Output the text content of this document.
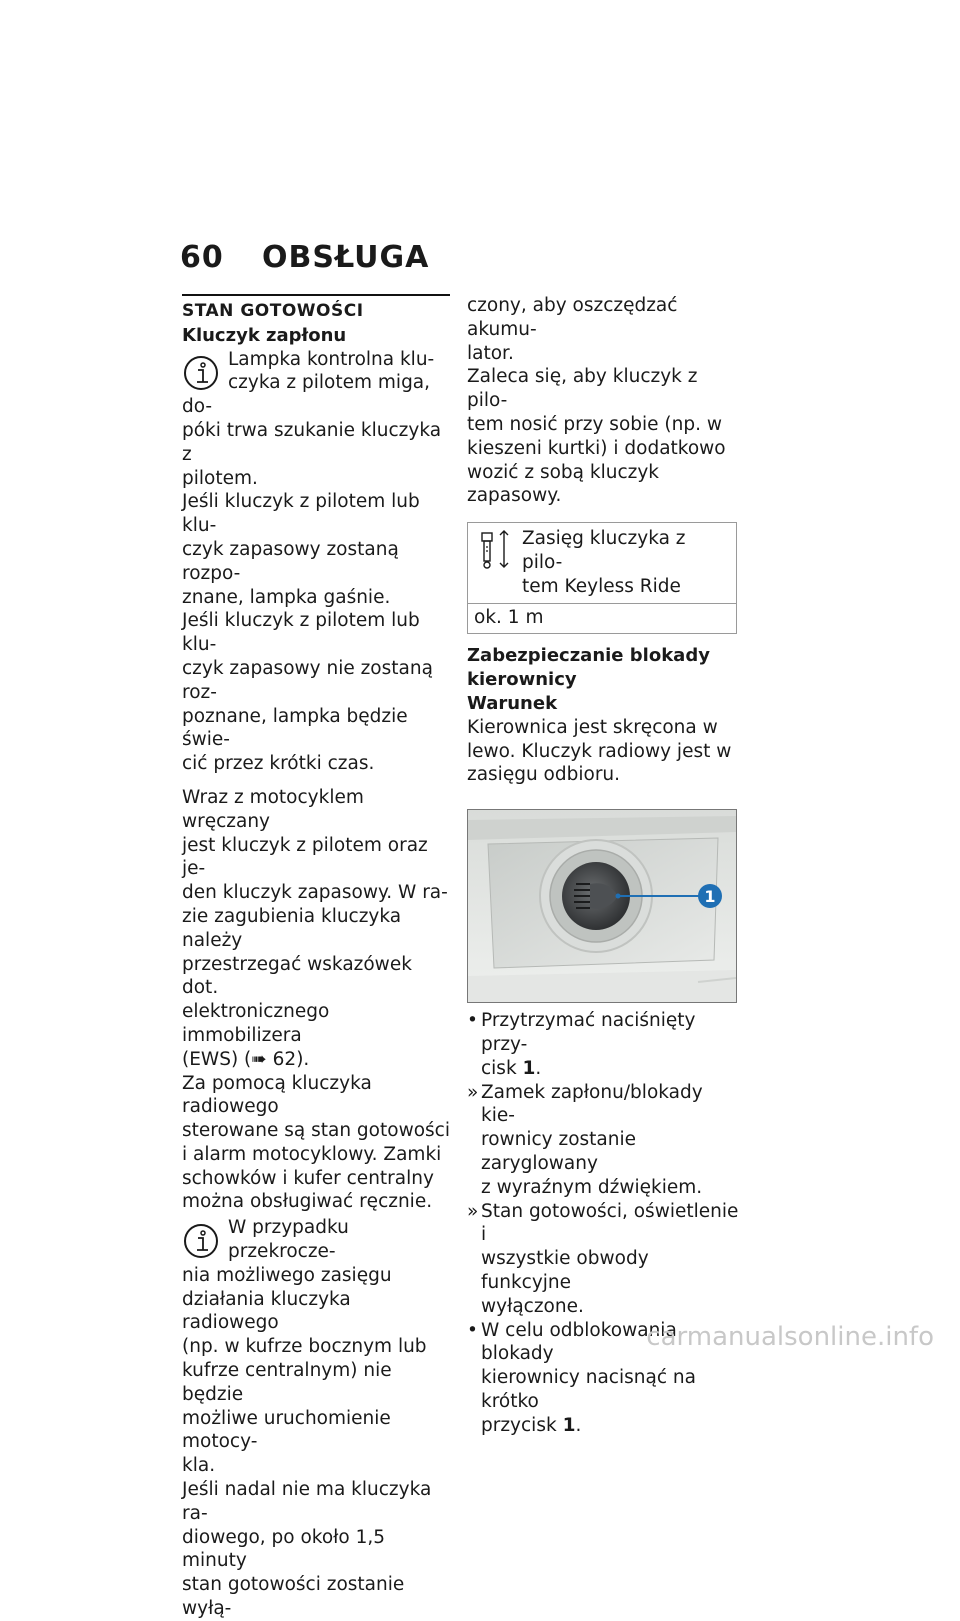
60 OBSŁUGA
STAN GOTOWOŚCI
Kluczyk zapłonu
Lampka kontrolna klu-
czyka z pilotem miga, do-
póki trwa szukanie kluczyka z
pilotem.
Jeśli kluczyk z pilotem lub klu-
czyk zapasowy zostaną rozpo-
znane, lampka gaśnie.
Jeśli kluczyk z pilotem lub klu-
czyk zapasowy nie zostaną roz-
poznane, lampka będzie świe-
cić przez krótki czas.
Wraz z motocyklem wręczany
jest kluczyk z pilotem oraz je-
den kluczyk zapasowy. W ra-
zie zagubienia kluczyka należy
przestrzegać wskazówek dot.
elektronicznego immobilizera
(EWS) (➠ 62).
Za pomocą kluczyka radiowego
sterowane są stan gotowości
i alarm motocyklowy. Zamki
schowków i kufer centralny
można obsługiwać ręcznie.
W przypadku przekrocze-
nia możliwego zasięgu
działania kluczyka radiowego
(np. w kufrze bocznym lub
kufrze centralnym) nie będzie
możliwe uruchomienie motocy-
kla.
Jeśli nadal nie ma kluczyka ra-
diowego, po około 1,5 minuty
stan gotowości zostanie wyłą-
czony, aby oszczędzać akumu-
lator.
Zaleca się, aby kluczyk z pilo-
tem nosić przy sobie (np. w
kieszeni kurtki) i dodatkowo
wozić z sobą kluczyk zapasowy.
Zasięg kluczyka z pilo-
tem Keyless Ride
ok. 1 m
Zabezpieczanie blokady
kierownicy
Warunek
Kierownica jest skręcona w
lewo. Kluczyk radiowy jest w
zasięgu odbioru.
1
• Przytrzymać naciśnięty przy-
cisk 1.
» Zamek zapłonu/blokady kie-
rownicy zostanie zaryglowany
z wyraźnym dźwiękiem.
» Stan gotowości, oświetlenie i
wszystkie obwody funkcyjne
wyłączone.
• W celu odblokowania blokady
kierownicy nacisnąć na krótko
przycisk 1.
carmanualsonline.info
